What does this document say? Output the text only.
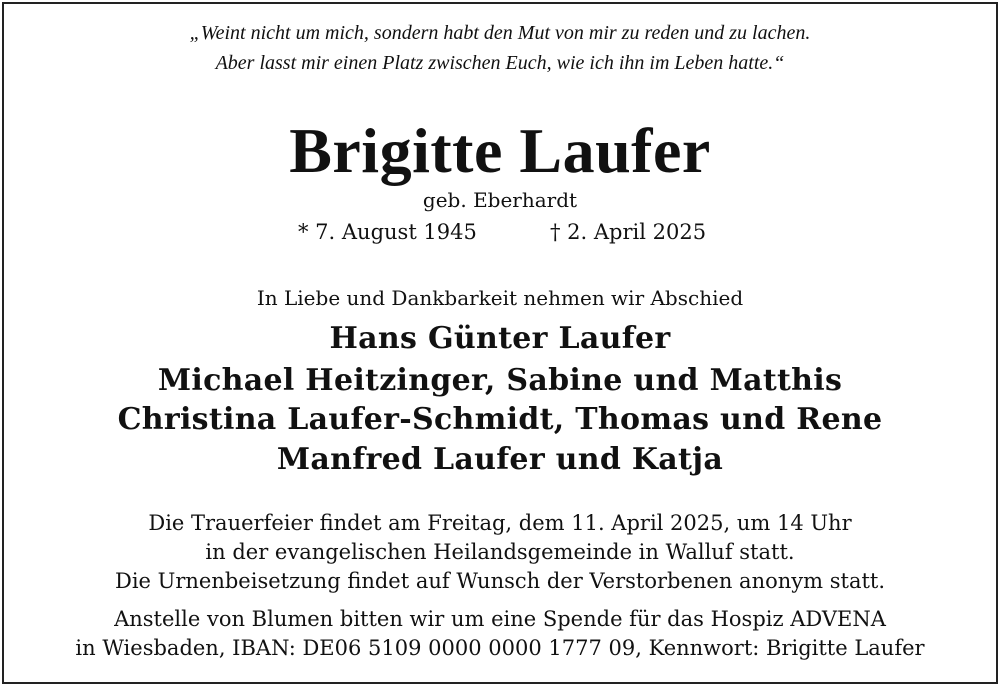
„Weint nicht um mich, sondern habt den Mut von mir zu reden und zu lachen.
Aber lasst mir einen Platz zwischen Euch, wie ich ihn im Leben hatte.“
Brigitte Laufer
geb. Eberhardt
* 7. August 1945	† 2. April 2025
In Liebe und Dankbarkeit nehmen wir Abschied
Hans Günter Laufer
Michael Heitzinger, Sabine und Matthis
Christina Laufer-Schmidt, Thomas und Rene
Manfred Laufer und Katja
Die Trauerfeier findet am Freitag, dem 11. April 2025, um 14 Uhr
in der evangelischen Heilandsgemeinde in Walluf statt.
Die Urnenbeisetzung findet auf Wunsch der Verstorbenen anonym statt.
Anstelle von Blumen bitten wir um eine Spende für das Hospiz ADVENA
in Wiesbaden, IBAN: DE06 5109 0000 0000 1777 09, Kennwort: Brigitte Laufer
